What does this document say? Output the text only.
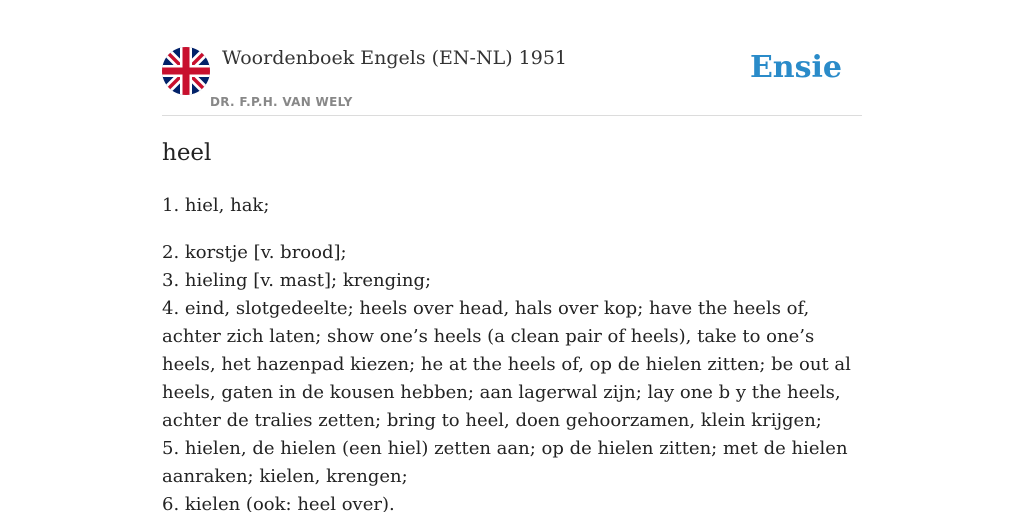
Woordenboek Engels (EN-NL) 1951
DR. F.P.H. VAN WELY
Ensie
heel

1. hiel, hak;

2. korstje [v. brood];

3. hieling [v. mast]; krenging;

4. eind, slotgedeelte; heels over head, hals over kop; have the heels of, achter zich laten; show one’s heels (a clean pair of heels), take to one’s heels, het hazenpad kiezen; he at the heels of, op de hielen zitten; be out al heels, gaten in de kousen hebben; aan lagerwal zijn; lay one b y the heels, achter de tralies zetten; bring to heel, doen gehoorzamen, klein krijgen;

5. hielen, de hielen (een hiel) zetten aan; op de hielen zitten; met de hielen aanraken; kielen, krengen;

6. kielen (ook: heel over).
